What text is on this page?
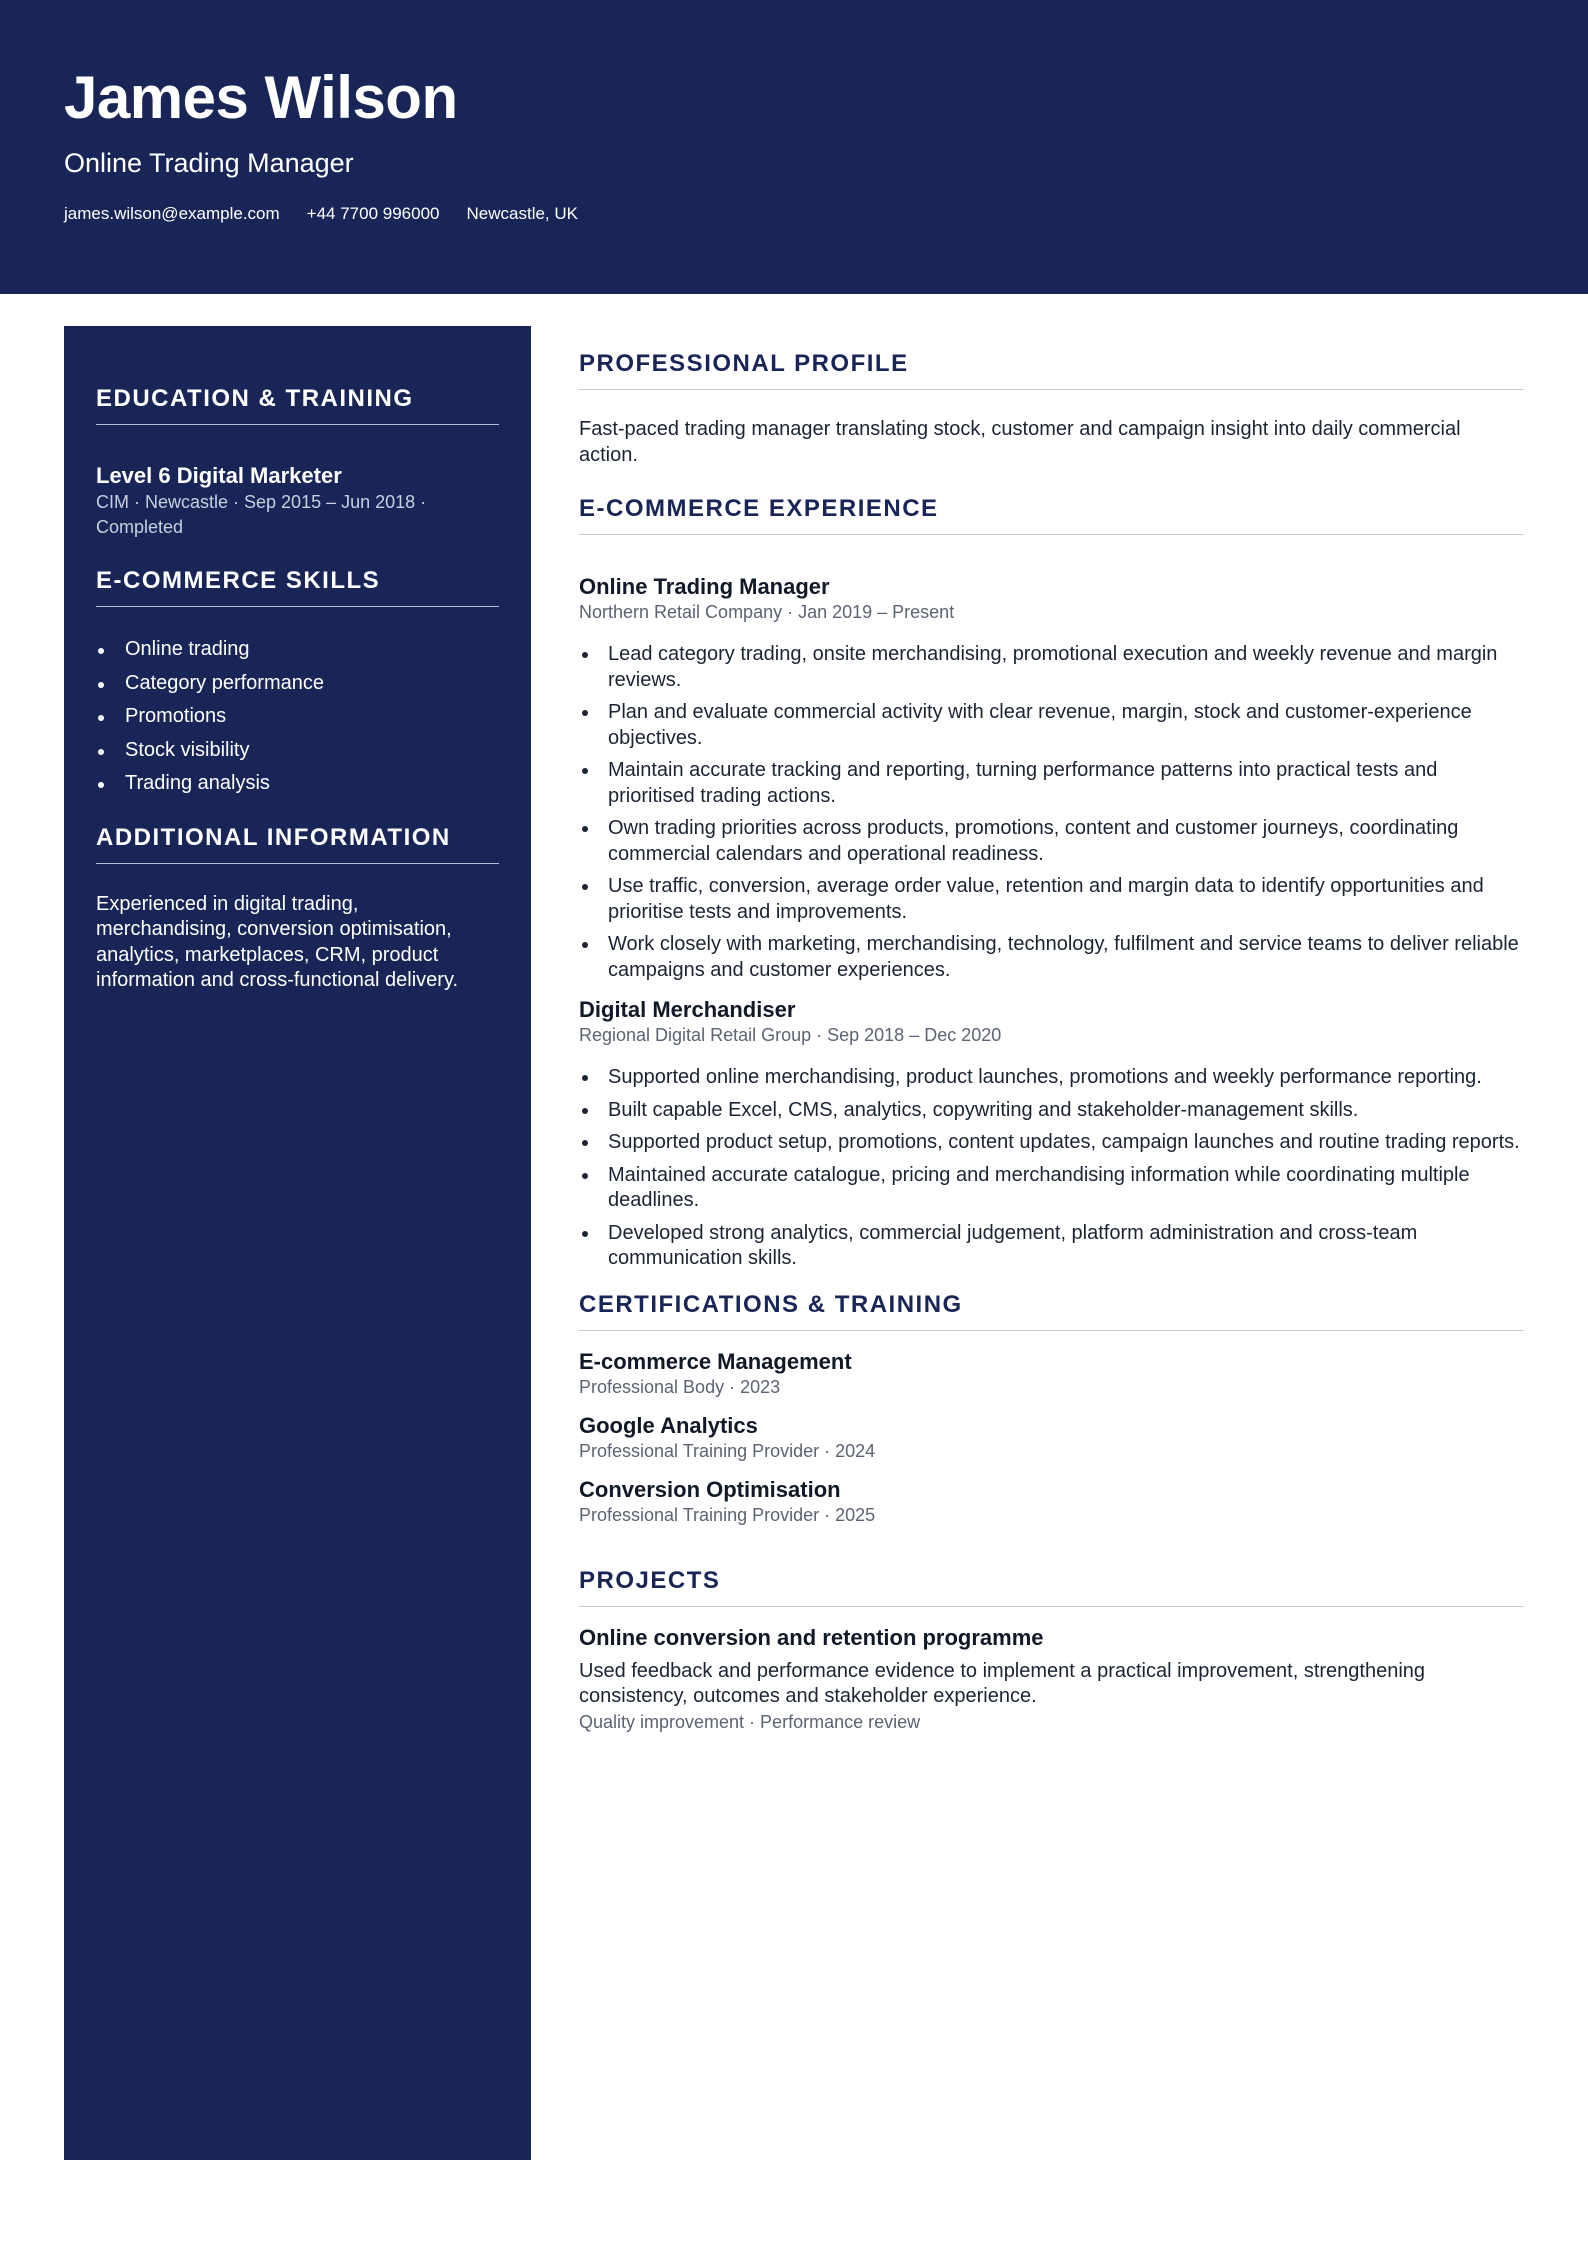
James Wilson
Online Trading Manager
james.wilson@example.com +44 7700 996000 Newcastle, UK
EDUCATION & TRAINING
Level 6 Digital Marketer
CIM · Newcastle · Sep 2015 – Jun 2018 · Completed
E-COMMERCE SKILLS
Online trading
Category performance
Promotions
Stock visibility
Trading analysis
ADDITIONAL INFORMATION
Experienced in digital trading, merchandising, conversion optimisation, analytics, marketplaces, CRM, product information and cross-functional delivery.
PROFESSIONAL PROFILE
Fast-paced trading manager translating stock, customer and campaign insight into daily commercial action.
E-COMMERCE EXPERIENCE
Online Trading Manager
Northern Retail Company · Jan 2019 – Present
Lead category trading, onsite merchandising, promotional execution and weekly revenue and margin reviews.
Plan and evaluate commercial activity with clear revenue, margin, stock and customer-experience objectives.
Maintain accurate tracking and reporting, turning performance patterns into practical tests and prioritised trading actions.
Own trading priorities across products, promotions, content and customer journeys, coordinating commercial calendars and operational readiness.
Use traffic, conversion, average order value, retention and margin data to identify opportunities and prioritise tests and improvements.
Work closely with marketing, merchandising, technology, fulfilment and service teams to deliver reliable campaigns and customer experiences.
Digital Merchandiser
Regional Digital Retail Group · Sep 2018 – Dec 2020
Supported online merchandising, product launches, promotions and weekly performance reporting.
Built capable Excel, CMS, analytics, copywriting and stakeholder-management skills.
Supported product setup, promotions, content updates, campaign launches and routine trading reports.
Maintained accurate catalogue, pricing and merchandising information while coordinating multiple deadlines.
Developed strong analytics, commercial judgement, platform administration and cross-team communication skills.
CERTIFICATIONS & TRAINING
E-commerce Management
Professional Body · 2023
Google Analytics
Professional Training Provider · 2024
Conversion Optimisation
Professional Training Provider · 2025
PROJECTS
Online conversion and retention programme
Used feedback and performance evidence to implement a practical improvement, strengthening consistency, outcomes and stakeholder experience.
Quality improvement · Performance review
